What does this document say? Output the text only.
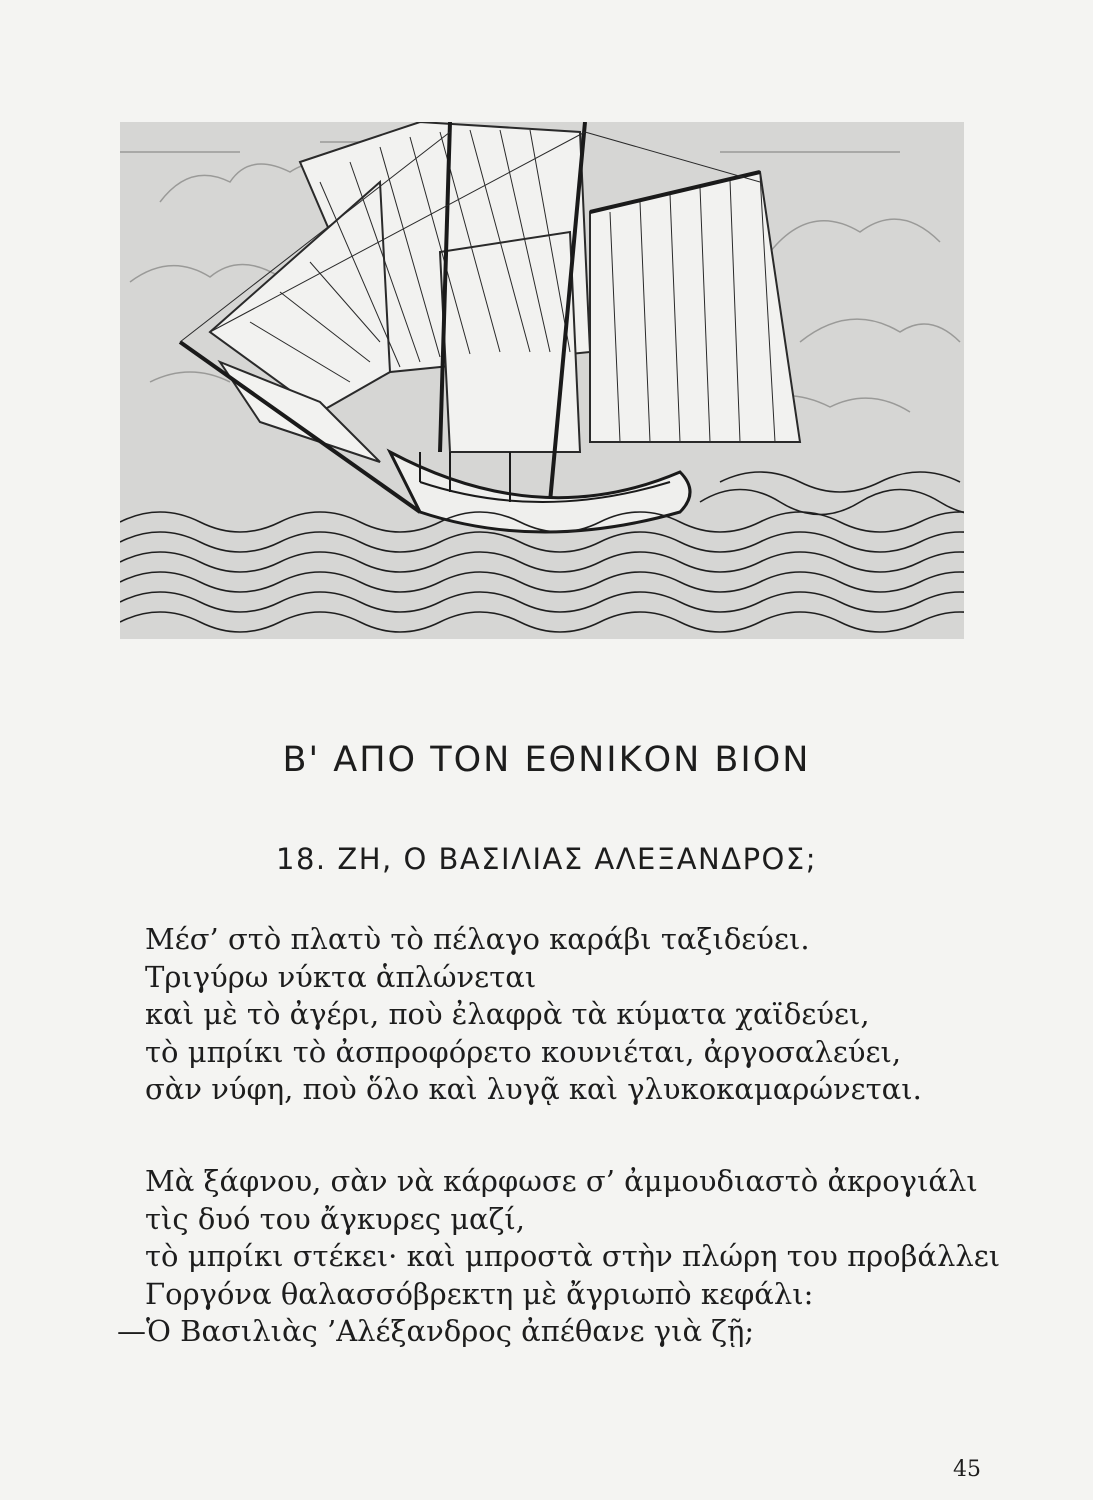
Β' ΑΠΟ ΤΟΝ ΕΘΝΙΚΟΝ ΒΙΟΝ
18. ΖΗ, Ο ΒΑΣΙΛΙΑΣ ΑΛΕΞΑΝΔΡΟΣ;
Μέσ’ στὸ πλατὺ τὸ πέλαγο καράβι ταξιδεύει.
Τριγύρω νύκτα ἁπλώνεται
καὶ μὲ τὸ ἀγέρι, ποὺ ἐλαφρὰ τὰ κύματα χαϊδεύει,
τὸ μπρίκι τὸ ἀσπροφόρετο κουνιέται, ἀργοσαλεύει,
σὰν νύφη, ποὺ ὅλο καὶ λυγᾷ καὶ γλυκοκαμαρώνεται.
Μὰ ξάφνου, σὰν νὰ κάρφωσε σ’ ἀμμουδιαστὸ ἀκρογιάλι
τὶς δυό του ἄγκυρες μαζί,
τὸ μπρίκι στέκει· καὶ μπροστὰ στὴν πλώρη του προβάλλει
Γοργόνα θαλασσόβρεκτη μὲ ἄγριωπὸ κεφάλι:
—Ὁ Βασιλιὰς ’Αλέξανδρος ἀπέθανε γιὰ ζῇ;
45
